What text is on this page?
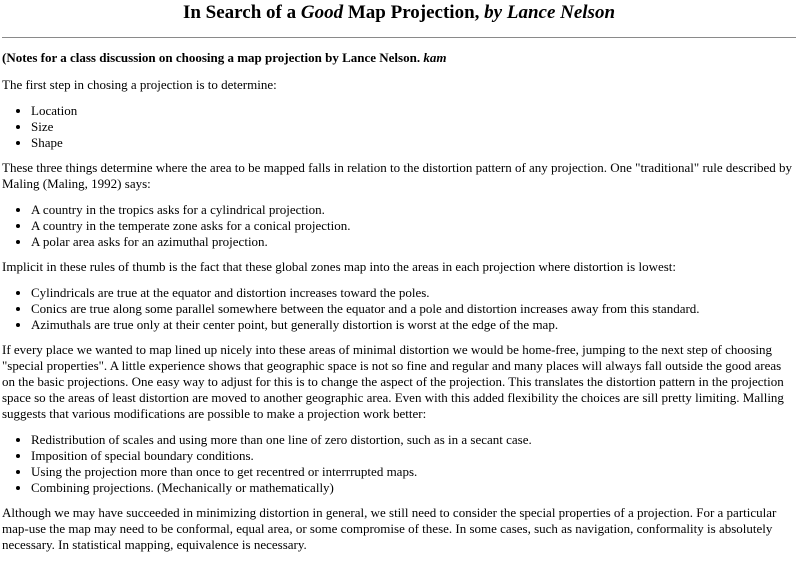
In Search of a Good Map Projection, by Lance Nelson

(Notes for a class discussion on choosing a map projection by Lance Nelson. kam

The first step in chosing a projection is to determine:

• Location
• Size
• Shape

These three things determine where the area to be mapped falls in relation to the distortion pattern of any projection. One "traditional" rule described by Maling (Maling, 1992) says:

• A country in the tropics asks for a cylindrical projection.
• A country in the temperate zone asks for a conical projection.
• A polar area asks for an azimuthal projection.

Implicit in these rules of thumb is the fact that these global zones map into the areas in each projection where distortion is lowest:

• Cylindricals are true at the equator and distortion increases toward the poles.
• Conics are true along some parallel somewhere between the equator and a pole and distortion increases away from this standard.
• Azimuthals are true only at their center point, but generally distortion is worst at the edge of the map.

If every place we wanted to map lined up nicely into these areas of minimal distortion we would be home-free, jumping to the next step of choosing "special properties". A little experience shows that geographic space is not so fine and regular and many places will always fall outside the good areas on the basic projections. One easy way to adjust for this is to change the aspect of the projection. This translates the distortion pattern in the projection space so the areas of least distortion are moved to another geographic area. Even with this added flexibility the choices are sill pretty limiting. Malling suggests that various modifications are possible to make a projection work better:

• Redistribution of scales and using more than one line of zero distortion, such as in a secant case.
• Imposition of special boundary conditions.
• Using the projection more than once to get recentred or interrrupted maps.
• Combining projections. (Mechanically or mathematically)

Although we may have succeeded in minimizing distortion in general, we still need to consider the special properties of a projection. For a particular map-use the map may need to be conformal, equal area, or some compromise of these. In some cases, such as navigation, conformality is absolutely necessary. In statistical mapping, equivalence is necessary.
